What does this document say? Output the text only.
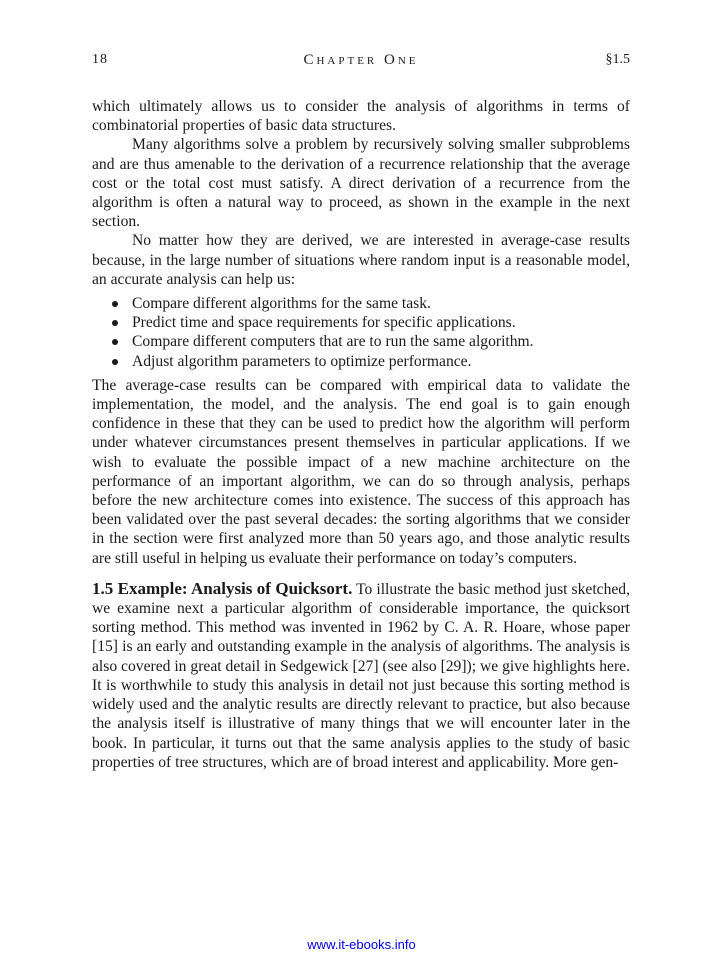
18	Chapter One	§1.5

which ultimately allows us to consider the analysis of algorithms in terms of combinatorial properties of basic data structures.

Many algorithms solve a problem by recursively solving smaller subproblems and are thus amenable to the derivation of a recurrence relationship that the average cost or the total cost must satisfy. A direct derivation of a recurrence from the algorithm is often a natural way to proceed, as shown in the example in the next section.

No matter how they are derived, we are interested in average-case results because, in the large number of situations where random input is a reasonable model, an accurate analysis can help us:

Compare different algorithms for the same task.
Predict time and space requirements for specific applications.
Compare different computers that are to run the same algorithm.
Adjust algorithm parameters to optimize performance.

The average-case results can be compared with empirical data to validate the implementation, the model, and the analysis. The end goal is to gain enough confidence in these that they can be used to predict how the algorithm will perform under whatever circumstances present themselves in particular applications. If we wish to evaluate the possible impact of a new machine architecture on the performance of an important algorithm, we can do so through analysis, perhaps before the new architecture comes into existence. The success of this approach has been validated over the past several decades: the sorting algorithms that we consider in the section were first analyzed more than 50 years ago, and those analytic results are still useful in helping us evaluate their performance on today’s computers.

1.5 Example: Analysis of Quicksort. To illustrate the basic method just sketched, we examine next a particular algorithm of considerable importance, the quicksort sorting method. This method was invented in 1962 by C. A. R. Hoare, whose paper [15] is an early and outstanding example in the analysis of algorithms. The analysis is also covered in great detail in Sedgewick [27] (see also [29]); we give highlights here. It is worthwhile to study this analysis in detail not just because this sorting method is widely used and the analytic results are directly relevant to practice, but also because the analysis itself is illustrative of many things that we will encounter later in the book. In particular, it turns out that the same analysis applies to the study of basic properties of tree structures, which are of broad interest and applicability. More gen-

www.it-ebooks.info
